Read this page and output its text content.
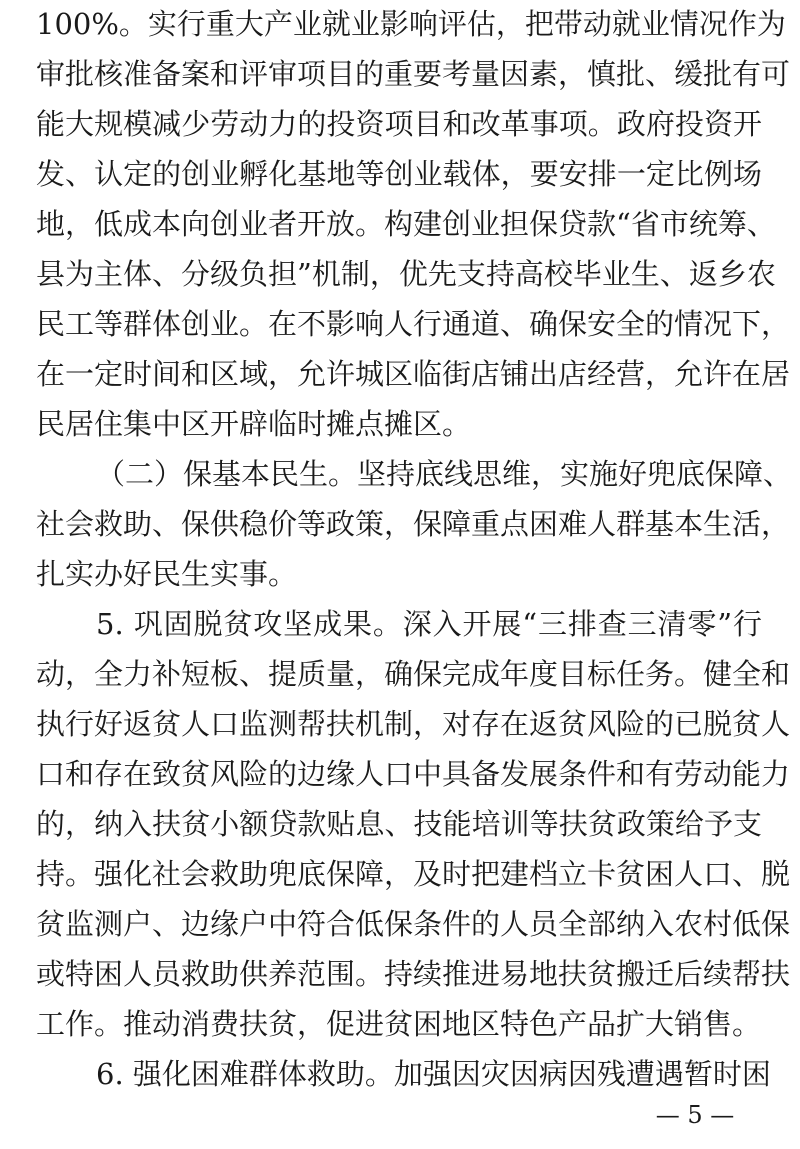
100%。实行重大产业就业影响评估，把带动就业情况作为
审批核准备案和评审项目的重要考量因素，慎批、缓批有可
能大规模减少劳动力的投资项目和改革事项。政府投资开
发、认定的创业孵化基地等创业载体，要安排一定比例场
地，低成本向创业者开放。构建创业担保贷款“省市统筹、
县为主体、分级负担”机制，优先支持高校毕业生、返乡农
民工等群体创业。在不影响人行通道、确保安全的情况下，
在一定时间和区域，允许城区临街店铺出店经营，允许在居
民居住集中区开辟临时摊点摊区。
（二）保基本民生。坚持底线思维，实施好兜底保障、
社会救助、保供稳价等政策，保障重点困难人群基本生活，
扎实办好民生实事。
5. 巩固脱贫攻坚成果。深入开展“三排查三清零”行
动，全力补短板、提质量，确保完成年度目标任务。健全和
执行好返贫人口监测帮扶机制，对存在返贫风险的已脱贫人
口和存在致贫风险的边缘人口中具备发展条件和有劳动能力
的，纳入扶贫小额贷款贴息、技能培训等扶贫政策给予支
持。强化社会救助兜底保障，及时把建档立卡贫困人口、脱
贫监测户、边缘户中符合低保条件的人员全部纳入农村低保
或特困人员救助供养范围。持续推进易地扶贫搬迁后续帮扶
工作。推动消费扶贫，促进贫困地区特色产品扩大销售。
6. 强化困难群体救助。加强因灾因病因残遭遇暂时困
— 5 —
